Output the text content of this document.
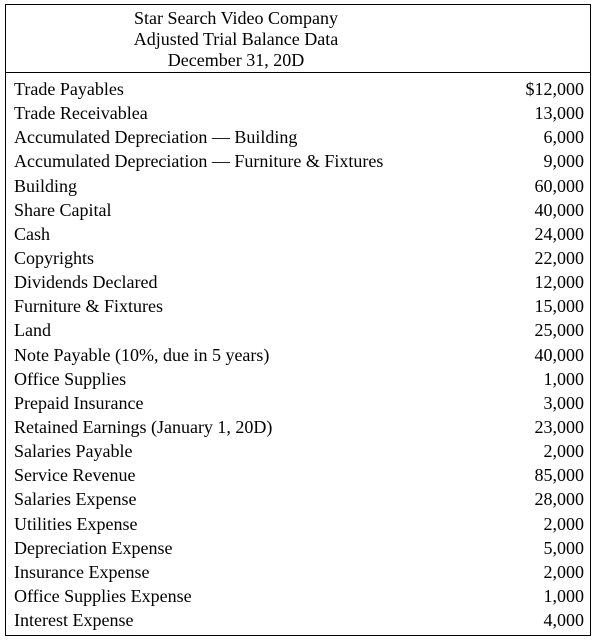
Star Search Video Company
Adjusted Trial Balance Data
December 31, 20D
Trade Payables	$12,000
Trade Receivablea	13,000
Accumulated Depreciation — Building	6,000
Accumulated Depreciation — Furniture & Fixtures	9,000
Building	60,000
Share Capital	40,000
Cash	24,000
Copyrights	22,000
Dividends Declared	12,000
Furniture & Fixtures	15,000
Land	25,000
Note Payable (10%, due in 5 years)	40,000
Office Supplies	1,000
Prepaid Insurance	3,000
Retained Earnings (January 1, 20D)	23,000
Salaries Payable	2,000
Service Revenue	85,000
Salaries Expense	28,000
Utilities Expense	2,000
Depreciation Expense	5,000
Insurance Expense	2,000
Office Supplies Expense	1,000
Interest Expense	4,000
